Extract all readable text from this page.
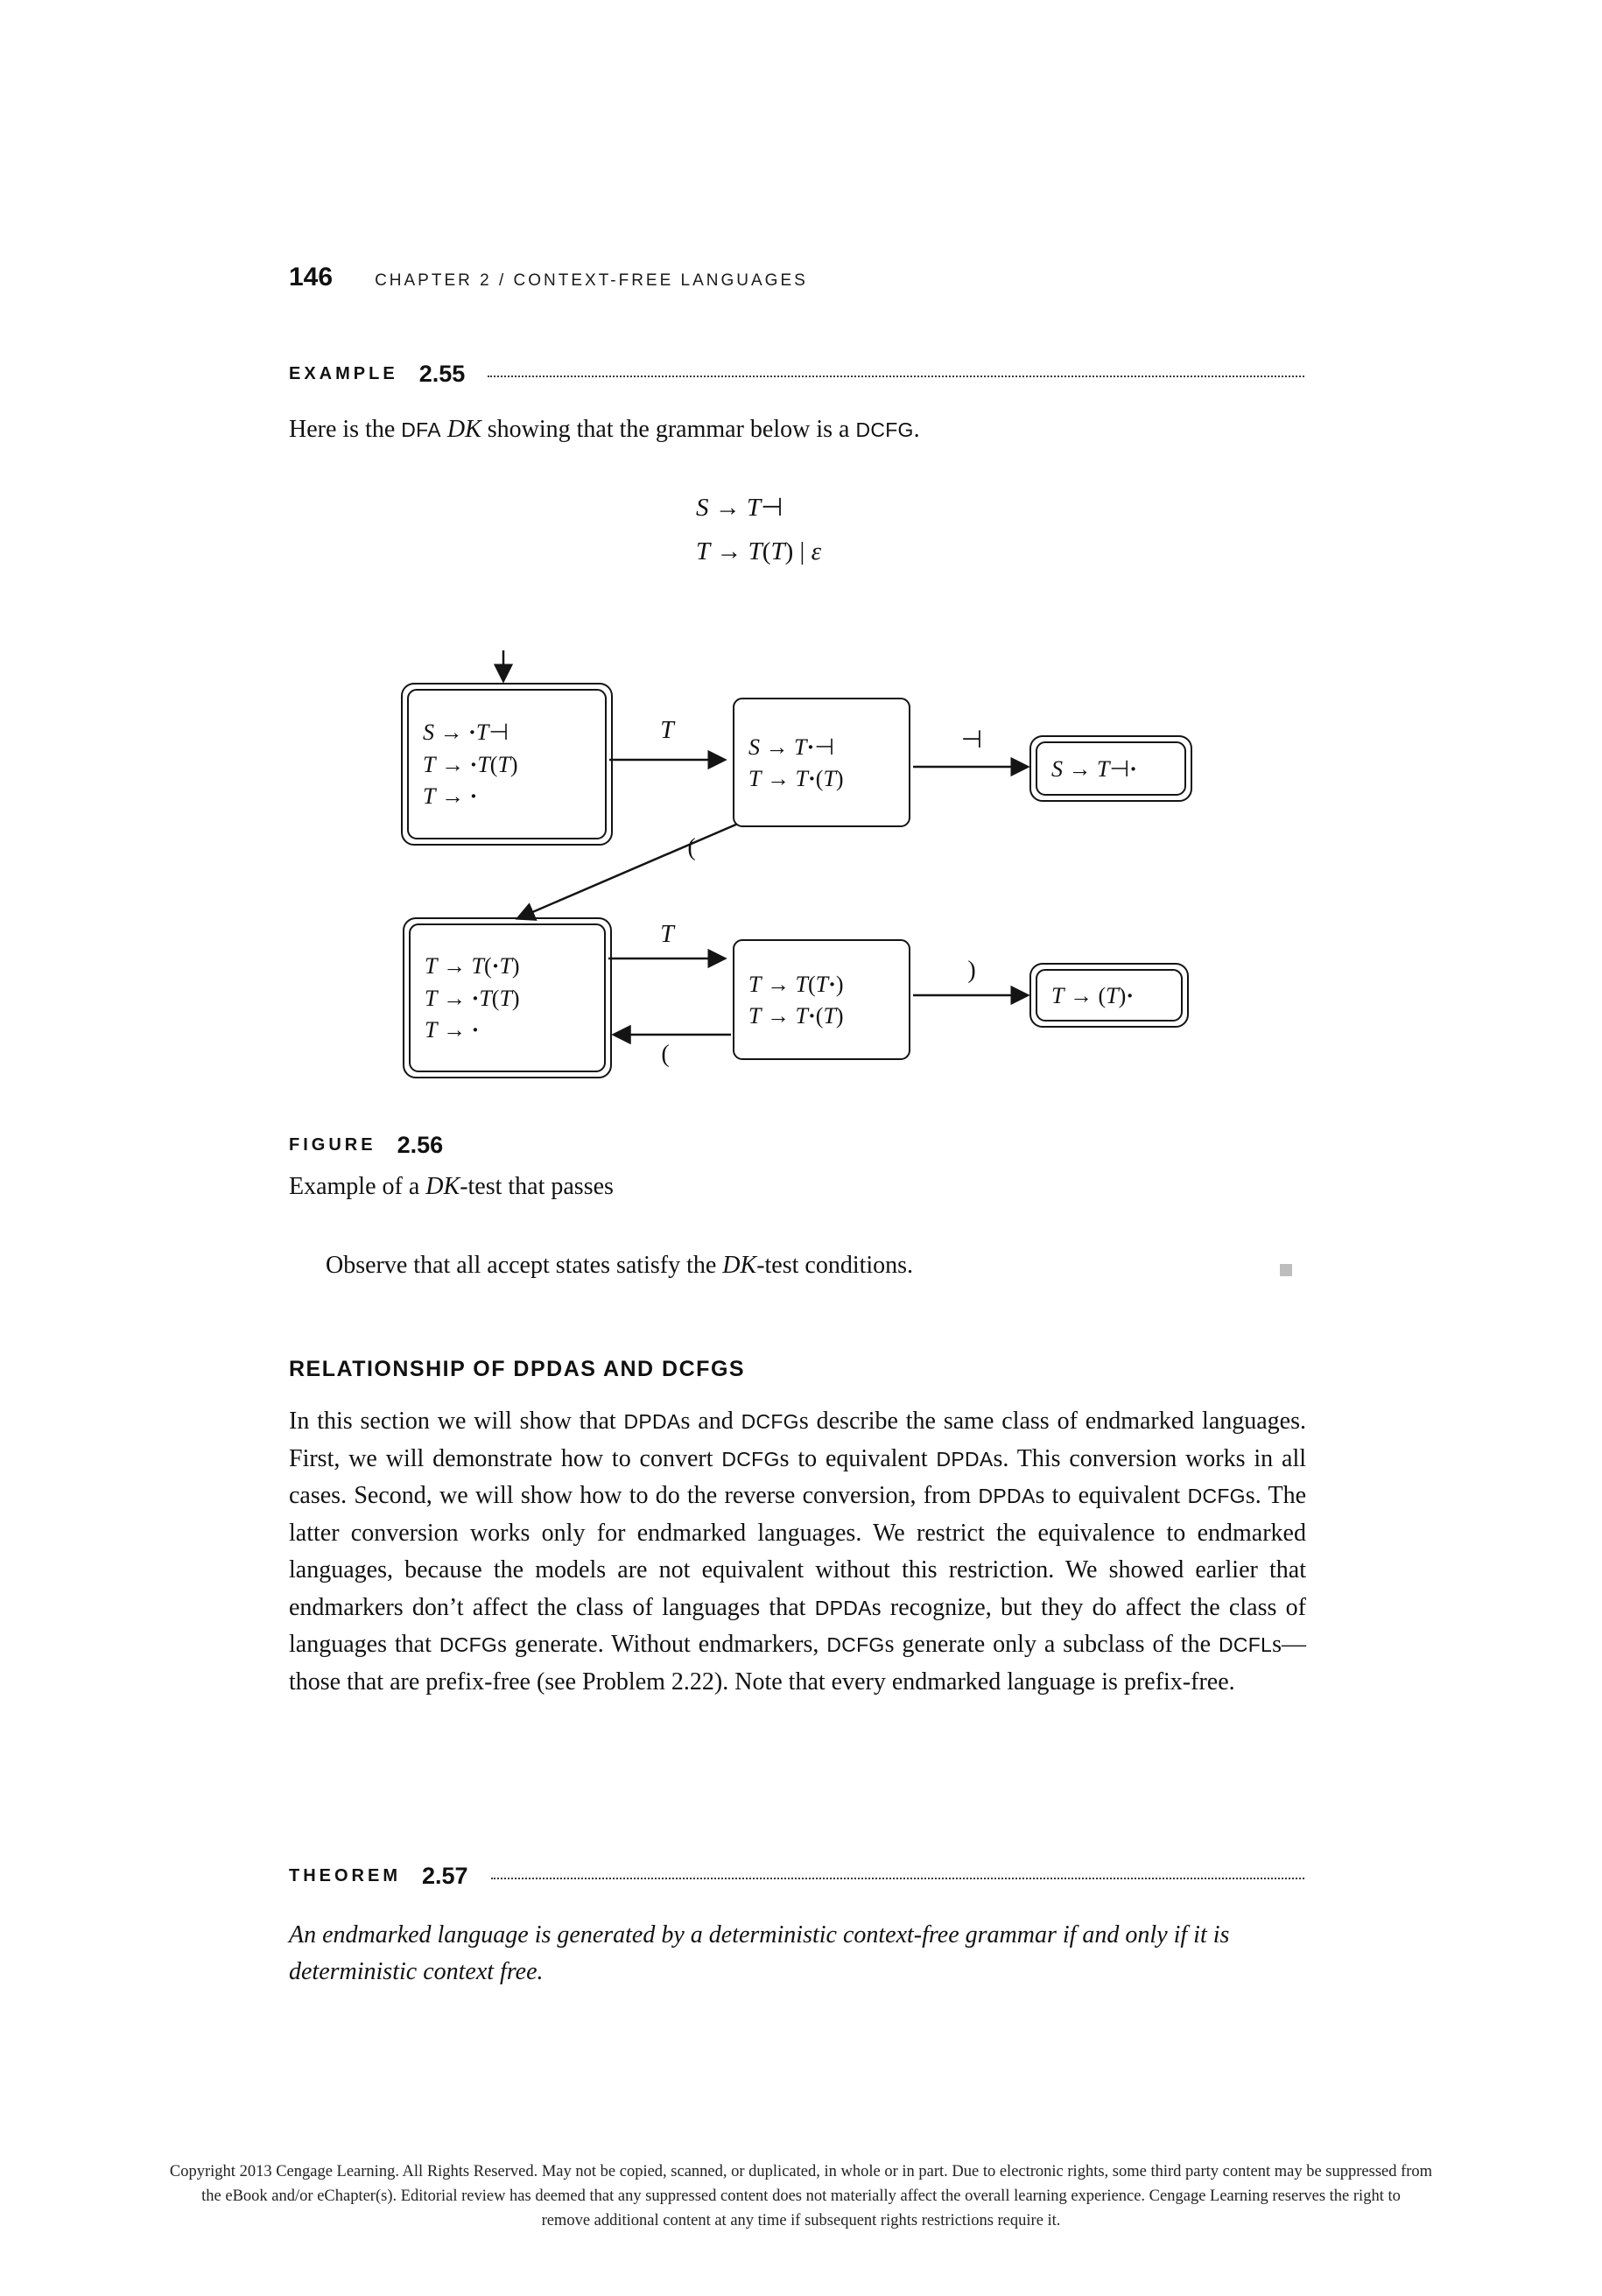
146	CHAPTER 2 / CONTEXT-FREE LANGUAGES
EXAMPLE 2.55

Here is the DFA DK showing that the grammar below is a DCFG.

S → T⊣
T → T(T) | ε
S → ·T⊣
T → ·T(T)
T → ·
S → T·⊣
T → T·(T)	S → T⊣·
T → T(·T)
T → ·T(T)
T → ·
T → T(T·)
T → T·(T)
T → (T)·
T	⊣
(
T
(
)
FIGURE 2.56

Example of a DK-test that passes

Observe that all accept states satisfy the DK-test conditions.

RELATIONSHIP OF DPDAS AND DCFGS

In this section we will show that DPDAs and DCFGs describe the same class of endmarked languages. First, we will demonstrate how to convert DCFGs to equivalent DPDAs. This conversion works in all cases. Second, we will show how to do the reverse conversion, from DPDAs to equivalent DCFGs. The latter conversion works only for endmarked languages. We restrict the equivalence to endmarked languages, because the models are not equivalent without this restriction. We showed earlier that endmarkers don’t affect the class of languages that DPDAs recognize, but they do affect the class of languages that DCFGs generate. Without endmarkers, DCFGs generate only a subclass of the DCFLs—those that are prefix-free (see Problem 2.22). Note that every endmarked language is prefix-free.

THEOREM 2.57

An endmarked language is generated by a deterministic context-free grammar if and only if it is deterministic context free.

Copyright 2013 Cengage Learning. All Rights Reserved. May not be copied, scanned, or duplicated, in whole or in part. Due to electronic rights, some third party content may be suppressed from
the eBook and/or eChapter(s). Editorial review has deemed that any suppressed content does not materially affect the overall learning experience. Cengage Learning reserves the right to
remove additional content at any time if subsequent rights restrictions require it.
